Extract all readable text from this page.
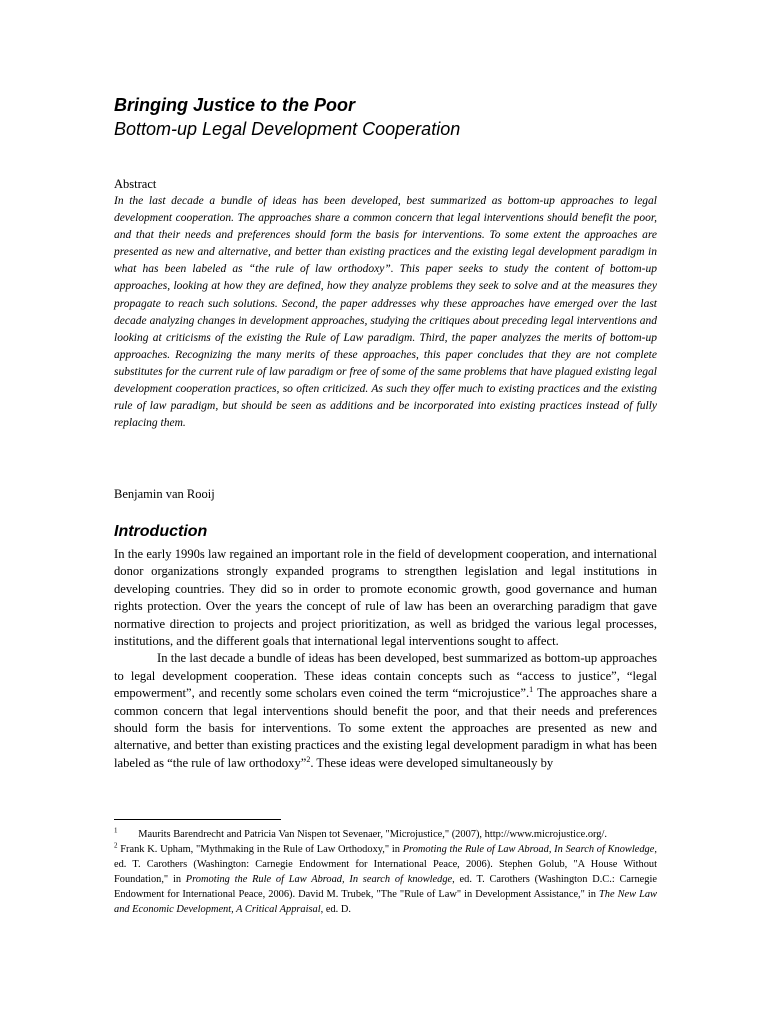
Bringing Justice to the Poor
Bottom-up Legal Development Cooperation
Abstract
In the last decade a bundle of ideas has been developed, best summarized as bottom-up approaches to legal development cooperation. The approaches share a common concern that legal interventions should benefit the poor, and that their needs and preferences should form the basis for interventions. To some extent the approaches are presented as new and alternative, and better than existing practices and the existing legal development paradigm in what has been labeled as “the rule of law orthodoxy”. This paper seeks to study the content of bottom-up approaches, looking at how they are defined, how they analyze problems they seek to solve and at the measures they propagate to reach such solutions. Second, the paper addresses why these approaches have emerged over the last decade analyzing changes in development approaches, studying the critiques about preceding legal interventions and looking at criticisms of the existing the Rule of Law paradigm. Third, the paper analyzes the merits of bottom-up approaches. Recognizing the many merits of these approaches, this paper concludes that they are not complete substitutes for the current rule of law paradigm or free of some of the same problems that have plagued existing legal development cooperation practices, so often criticized. As such they offer much to existing practices and the existing rule of law paradigm, but should be seen as additions and be incorporated into existing practices instead of fully replacing them.
Benjamin van Rooij
Introduction

In the early 1990s law regained an important role in the field of development cooperation, and international donor organizations strongly expanded programs to strengthen legislation and legal institutions in developing countries. They did so in order to promote economic growth, good governance and human rights protection. Over the years the concept of rule of law has been an overarching paradigm that gave normative direction to projects and project prioritization, as well as bridged the various legal processes, institutions, and the different goals that international legal interventions sought to affect.

In the last decade a bundle of ideas has been developed, best summarized as bottom-up approaches to legal development cooperation. These ideas contain concepts such as “access to justice”, “legal empowerment”, and recently some scholars even coined the term “microjustice”.$^1$ The approaches share a common concern that legal interventions should benefit the poor, and that their needs and preferences should form the basis for interventions. To some extent the approaches are presented as new and alternative, and better than existing practices and the existing legal development paradigm in what has been labeled as “the rule of law orthodoxy”$^2$. These ideas were developed simultaneously by

$^1$ Maurits Barendrecht and Patricia Van Nispen tot Sevenaer, "Microjustice," (2007), http://www.microjustice.org/.

$^2$ Frank K. Upham, "Mythmaking in the Rule of Law Orthodoxy," in Promoting the Rule of Law Abroad, In Search of Knowledge, ed. T. Carothers (Washington: Carnegie Endowment for International Peace, 2006). Stephen Golub, "A House Without Foundation," in Promoting the Rule of Law Abroad, In search of knowledge, ed. T. Carothers (Washington D.C.: Carnegie Endowment for International Peace, 2006). David M. Trubek, "The "Rule of Law" in Development Assistance," in The New Law and Economic Development, A Critical Appraisal, ed. D.
